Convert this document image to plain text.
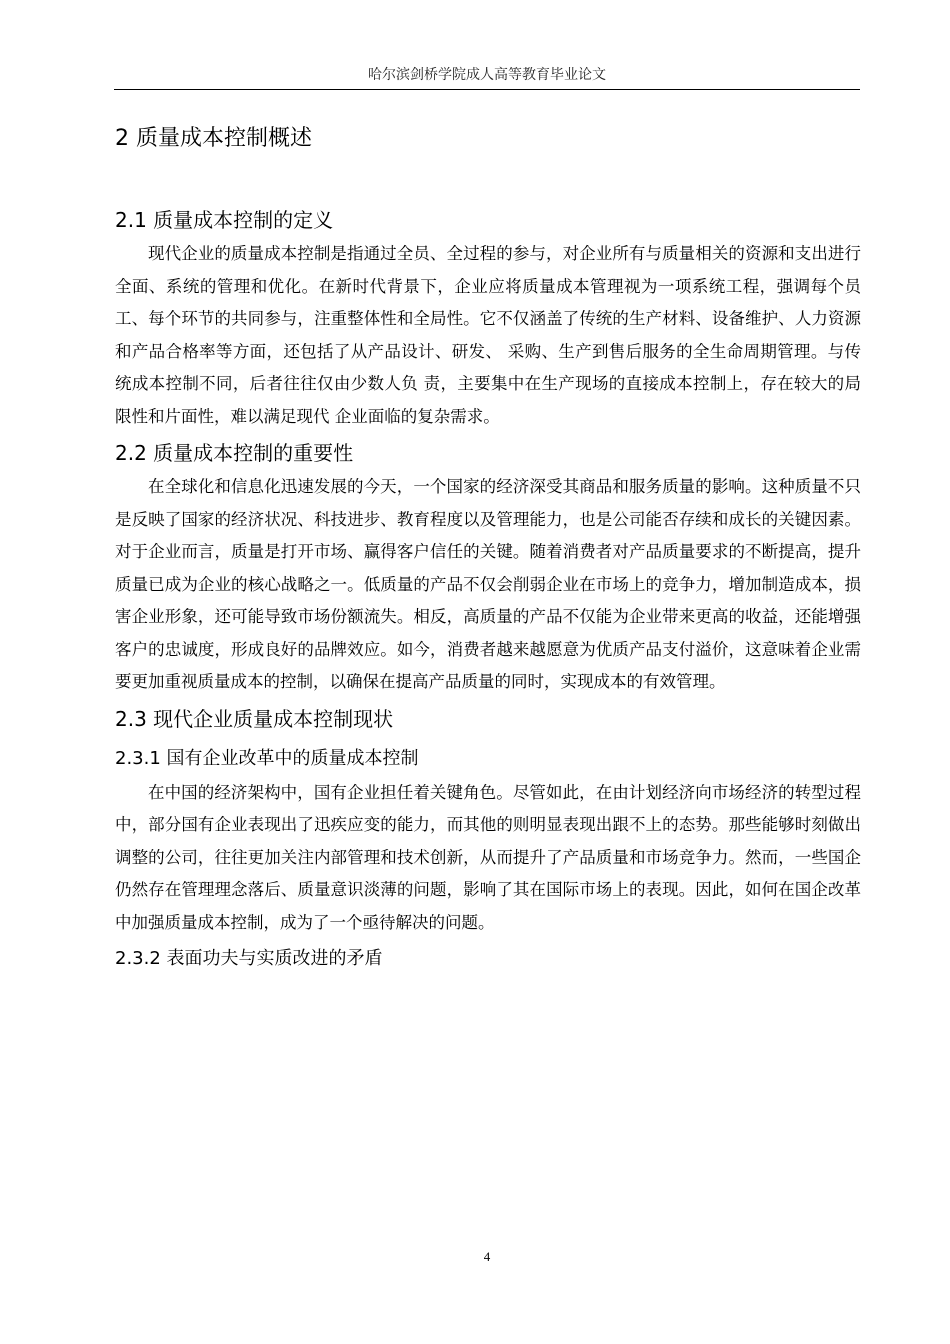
哈尔滨剑桥学院成人高等教育毕业论文
2 质量成本控制概述
2.1 质量成本控制的定义

现代企业的质量成本控制是指通过全员、全过程的参与，对企业所有与质量相关的资源和支出进行全面、系统的管理和优化。在新时代背景下，企业应将质量成本管理视为一项系统工程，强调每个员工、每个环节的共同参与，注重整体性和全局性。它不仅涵盖了传统的生产材料、设备维护、人力资源和产品合格率等方面，还包括了从产品设计、研发、 采购、生产到售后服务的全生命周期管理。与传统成本控制不同，后者往往仅由少数人负 责，主要集中在生产现场的直接成本控制上，存在较大的局限性和片面性，难以满足现代 企业面临的复杂需求。

2.2 质量成本控制的重要性

在全球化和信息化迅速发展的今天，一个国家的经济深受其商品和服务质量的影响。这种质量不只是反映了国家的经济状况、科技进步、教育程度以及管理能力，也是公司能否存续和成长的关键因素。对于企业而言，质量是打开市场、赢得客户信任的关键。随着消费者对产品质量要求的不断提高，提升质量已成为企业的核心战略之一。低质量的产品不仅会削弱企业在市场上的竞争力，增加制造成本，损害企业形象，还可能导致市场份额流失。相反，高质量的产品不仅能为企业带来更高的收益，还能增强客户的忠诚度，形成良好的品牌效应。如今，消费者越来越愿意为优质产品支付溢价，这意味着企业需要更加重视质量成本的控制，以确保在提高产品质量的同时，实现成本的有效管理。

2.3 现代企业质量成本控制现状
2.3.1 国有企业改革中的质量成本控制

在中国的经济架构中，国有企业担任着关键角色。尽管如此，在由计划经济向市场经济的转型过程中，部分国有企业表现出了迅疾应变的能力，而其他的则明显表现出跟不上的态势。那些能够时刻做出调整的公司，往往更加关注内部管理和技术创新，从而提升了产品质量和市场竞争力。然而，一些国企仍然存在管理理念落后、质量意识淡薄的问题，影响了其在国际市场上的表现。因此，如何在国企改革中加强质量成本控制，成为了一个亟待解决的问题。

2.3.2 表面功夫与实质改进的矛盾
4
